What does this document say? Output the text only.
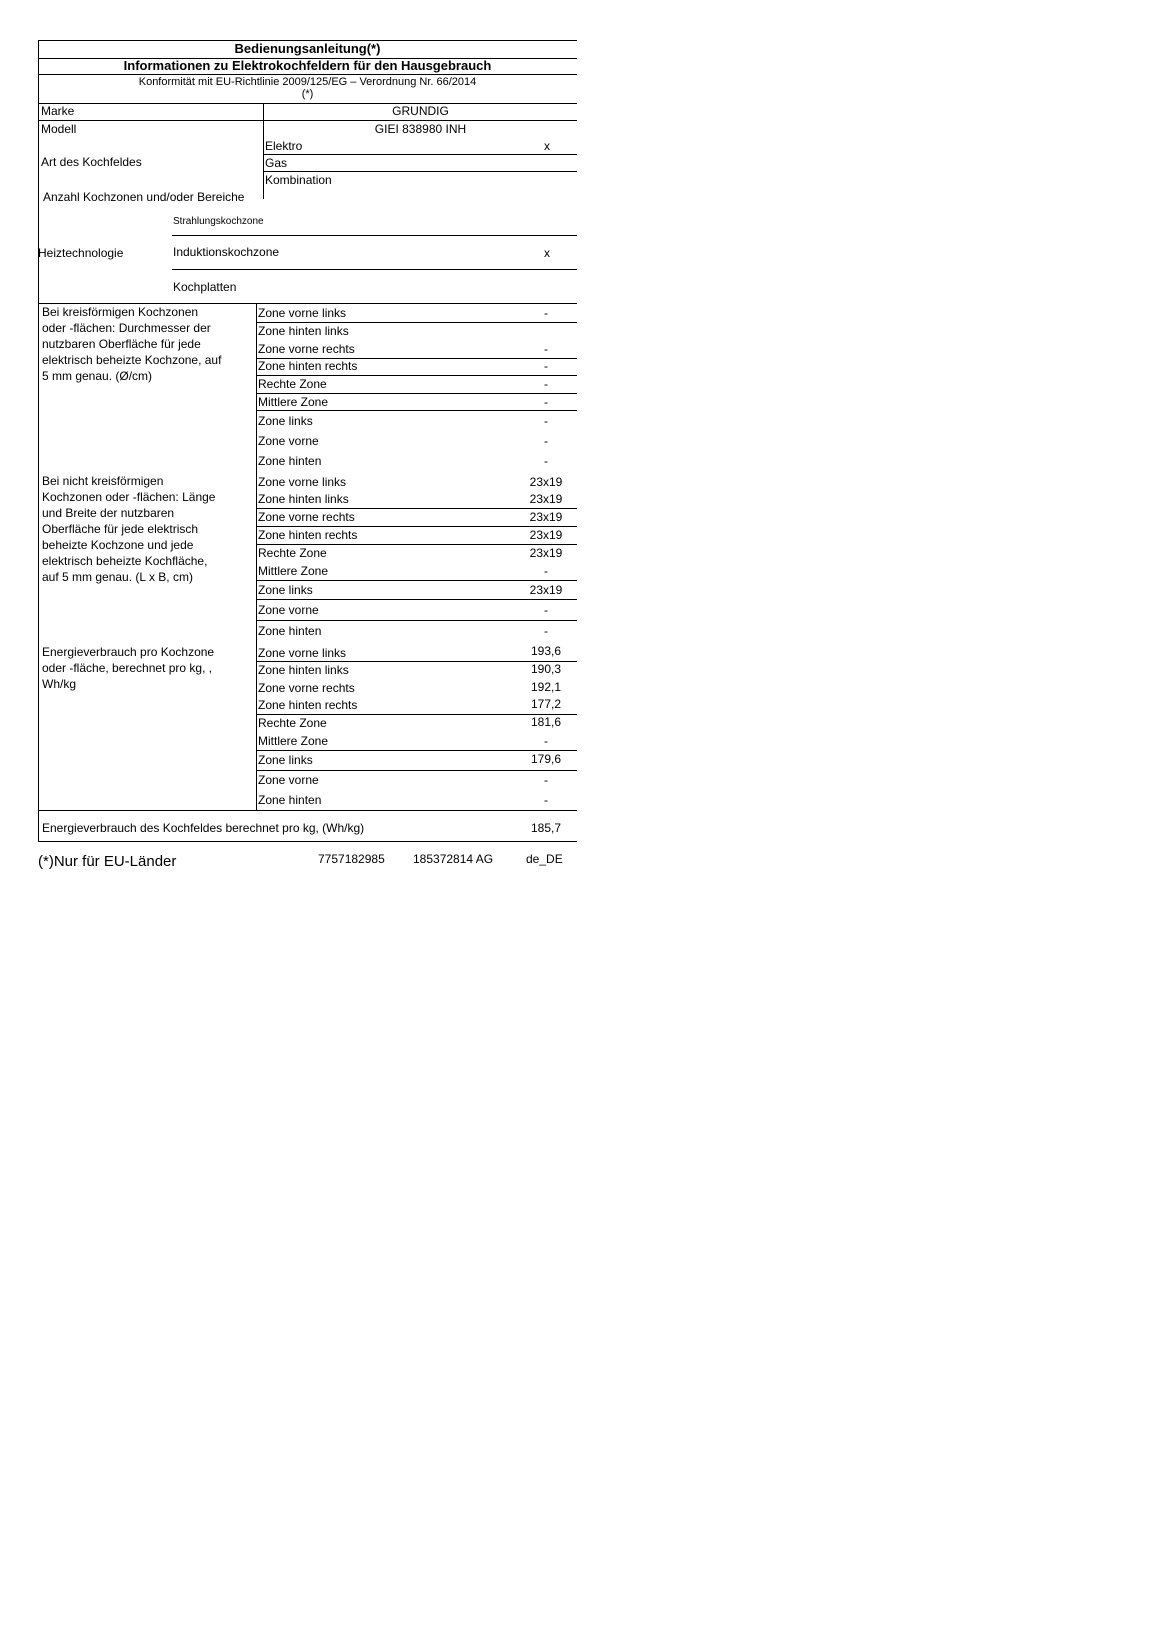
Bedienungsanleitung(*)
Informationen zu Elektrokochfeldern für den Hausgebrauch
Konformität mit EU-Richtlinie 2009/125/EG – Verordnung Nr. 66/2014
(*)
Marke	GRUNDIG
Modell	GIEI 838980 INH
Art des Kochfeldes
Elektro	x
Gas
Kombination
Anzahl Kochzonen und/oder Bereiche
Heiztechnologie
Strahlungskochzone
Induktionskochzone	x
Kochplatten
Bei kreisförmigen Kochzonen
oder -flächen: Durchmesser der
nutzbaren Oberfläche für jede
elektrisch beheizte Kochzone, auf
5 mm genau. (Ø/cm)
Zone vorne links	-
Zone hinten links
Zone vorne rechts	-
Zone hinten rechts	-
Rechte Zone	-
Mittlere Zone	-
Zone links	-
Zone vorne	-
Zone hinten	-
Bei nicht kreisförmigen
Kochzonen oder -flächen: Länge
und Breite der nutzbaren
Oberfläche für jede elektrisch
beheizte Kochzone und jede
elektrisch beheizte Kochfläche,
auf 5 mm genau. (L x B, cm)
Zone vorne links	23x19
Zone hinten links	23x19
Zone vorne rechts	23x19
Zone hinten rechts	23x19
Rechte Zone	23x19
Mittlere Zone	-
Zone links	23x19
Zone vorne	-
Zone hinten	-
Energieverbrauch pro Kochzone
oder -fläche, berechnet pro kg, ,
Wh/kg
Zone vorne links	193,6
Zone hinten links	190,3
Zone vorne rechts	192,1
Zone hinten rechts	177,2
Rechte Zone	181,6
Mittlere Zone	-
Zone links	179,6
Zone vorne	-
Zone hinten	-
Energieverbrauch des Kochfeldes berechnet pro kg, (Wh/kg)	185,7
(*)Nur für EU-Länder	7757182985 185372814 AG	de_DE
